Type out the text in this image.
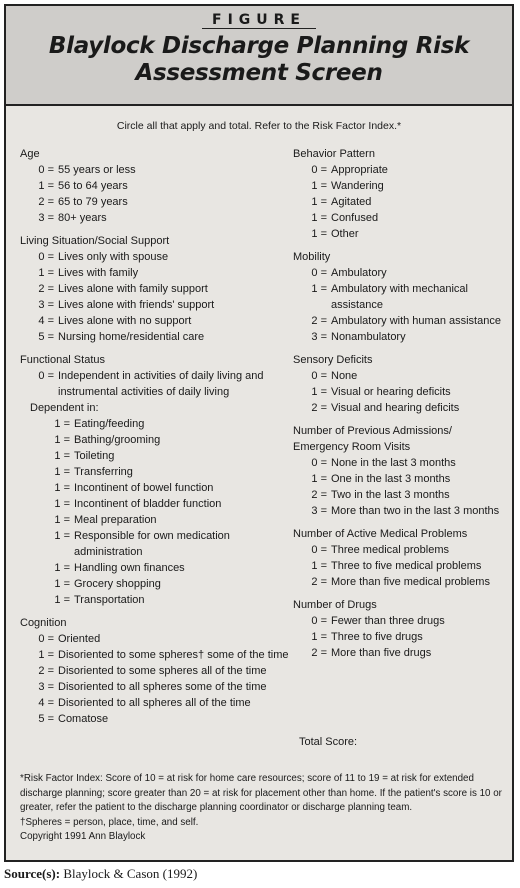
FIGURE
Blaylock Discharge Planning Risk
Assessment Screen
Circle all that apply and total. Refer to the Risk Factor Index.*
Age
0 = 55 years or less
1 = 56 to 64 years
2 = 65 to 79 years
3 = 80+ years
Living Situation/Social Support
0 = Lives only with spouse
1 = Lives with family
2 = Lives alone with family support
3 = Lives alone with friends' support
4 = Lives alone with no support
5 = Nursing home/residential care
Functional Status
0 = Independent in activities of daily living and instrumental activities of daily living
Dependent in:
1 = Eating/feeding
1 = Bathing/grooming
1 = Toileting
1 = Transferring
1 = Incontinent of bowel function
1 = Incontinent of bladder function
1 = Meal preparation
1 = Responsible for own medication administration
1 = Handling own finances
1 = Grocery shopping
1 = Transportation
Cognition
0 = Oriented
1 = Disoriented to some spheres† some of the time
2 = Disoriented to some spheres all of the time
3 = Disoriented to all spheres some of the time
4 = Disoriented to all spheres all of the time
5 = Comatose
Behavior Pattern
0 = Appropriate
1 = Wandering
1 = Agitated
1 = Confused
1 = Other
Mobility
0 = Ambulatory
1 = Ambulatory with mechanical assistance
2 = Ambulatory with human assistance
3 = Nonambulatory
Sensory Deficits
0 = None
1 = Visual or hearing deficits
2 = Visual and hearing deficits
Number of Previous Admissions/
Emergency Room Visits
0 = None in the last 3 months
1 = One in the last 3 months
2 = Two in the last 3 months
3 = More than two in the last 3 months
Number of Active Medical Problems
0 = Three medical problems
1 = Three to five medical problems
2 = More than five medical problems
Number of Drugs
0 = Fewer than three drugs
1 = Three to five drugs
2 = More than five drugs
Total Score:
*Risk Factor Index: Score of 10 = at risk for home care resources; score of 11 to 19 = at risk for extended discharge planning; score greater than 20 = at risk for placement other than home. If the patient's score is 10 or greater, refer the patient to the discharge planning coordinator or discharge planning team.
†Spheres = person, place, time, and self.
Copyright 1991 Ann Blaylock
Source(s): Blaylock & Cason (1992)
